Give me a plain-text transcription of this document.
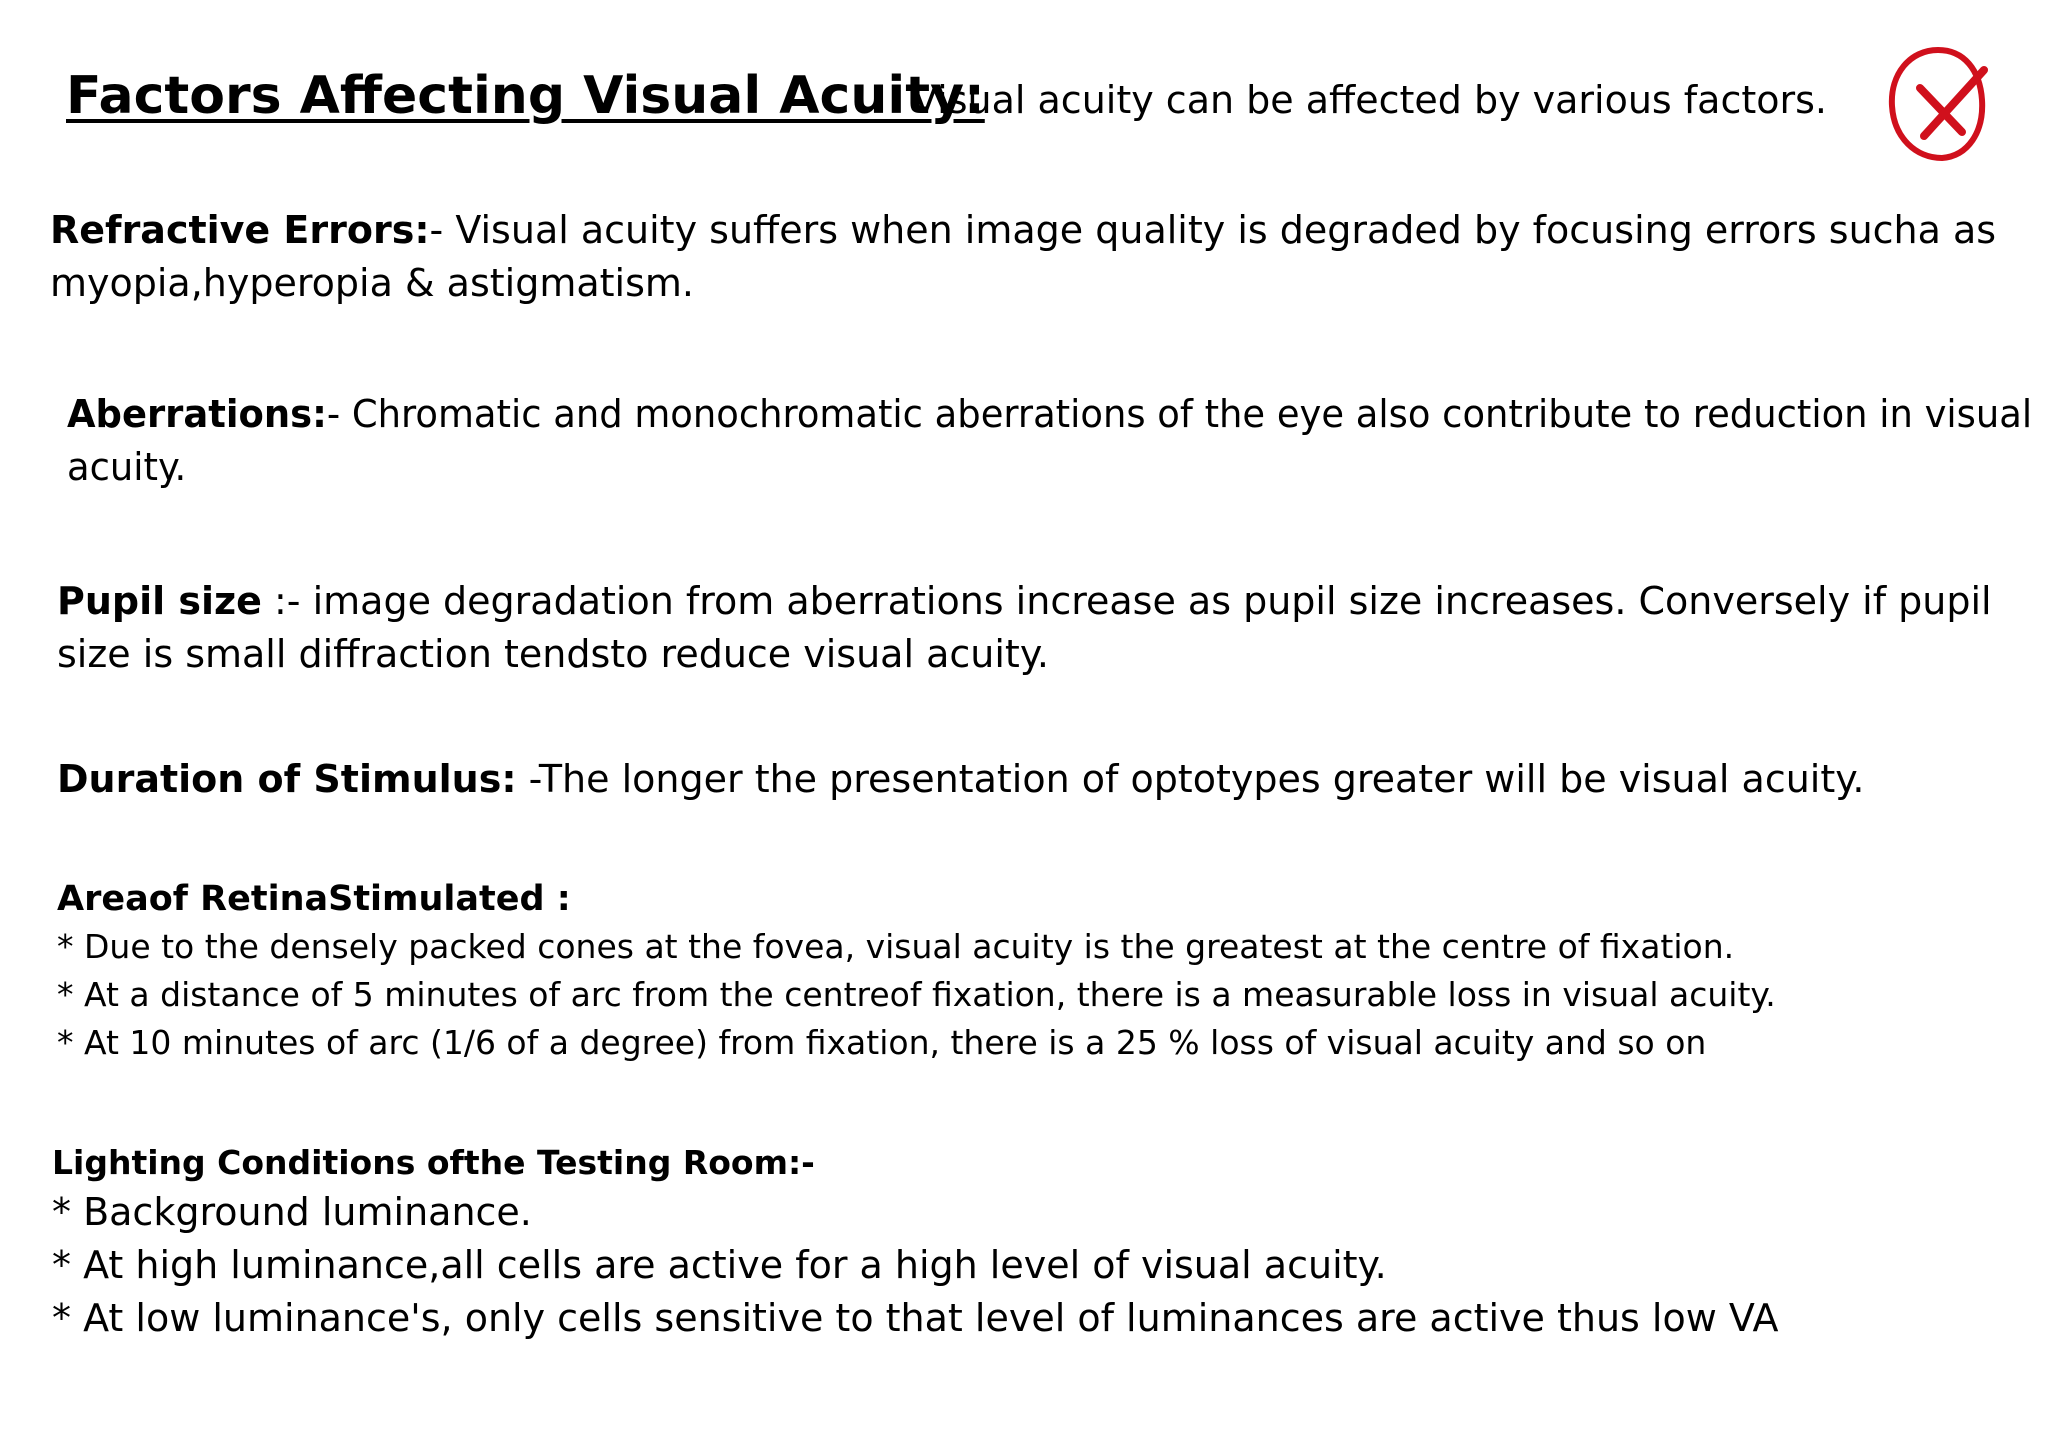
Factors Affecting Visual Acuity:
Visual acuity can be affected by various factors.
Refractive Errors:- Visual acuity suffers when image quality is degraded by focusing errors sucha as
myopia,hyperopia & astigmatism.
Aberrations:- Chromatic and monochromatic aberrations of the eye also contribute to reduction in visual
acuity.
Pupil size :- image degradation from aberrations increase as pupil size increases. Conversely if pupil
size is small diffraction tendsto reduce visual acuity.
Duration of Stimulus: -The longer the presentation of optotypes greater will be visual acuity.
Areaof RetinaStimulated :
* Due to the densely packed cones at the fovea, visual acuity is the greatest at the centre of fixation.
* At a distance of 5 minutes of arc from the centreof fixation, there is a measurable loss in visual acuity.
* At 10 minutes of arc (1/6 of a degree) from fixation, there is a 25 % loss of visual acuity and so on
Lighting Conditions ofthe Testing Room:-
* Background luminance.
* At high luminance,all cells are active for a high level of visual acuity.
* At low luminance's, only cells sensitive to that level of luminances are active thus low VA
